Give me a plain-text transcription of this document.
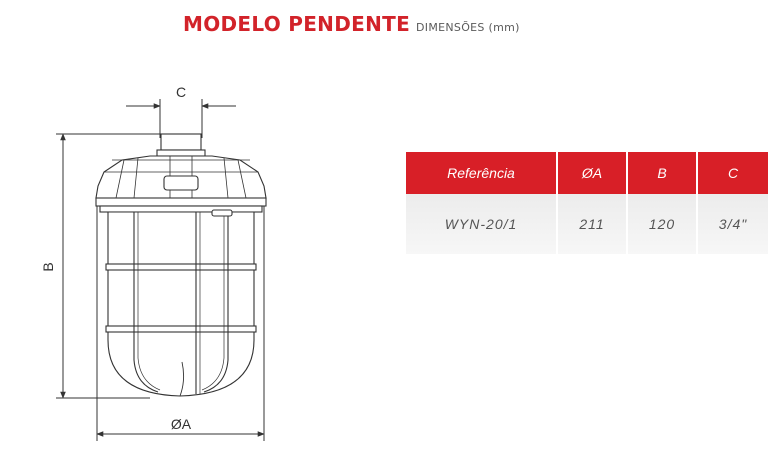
MODELO PENDENTE DIMENSÕES (mm)
C
B
ØA
Referência	ØA	B	C
WYN-20/1	211	120	3/4"
